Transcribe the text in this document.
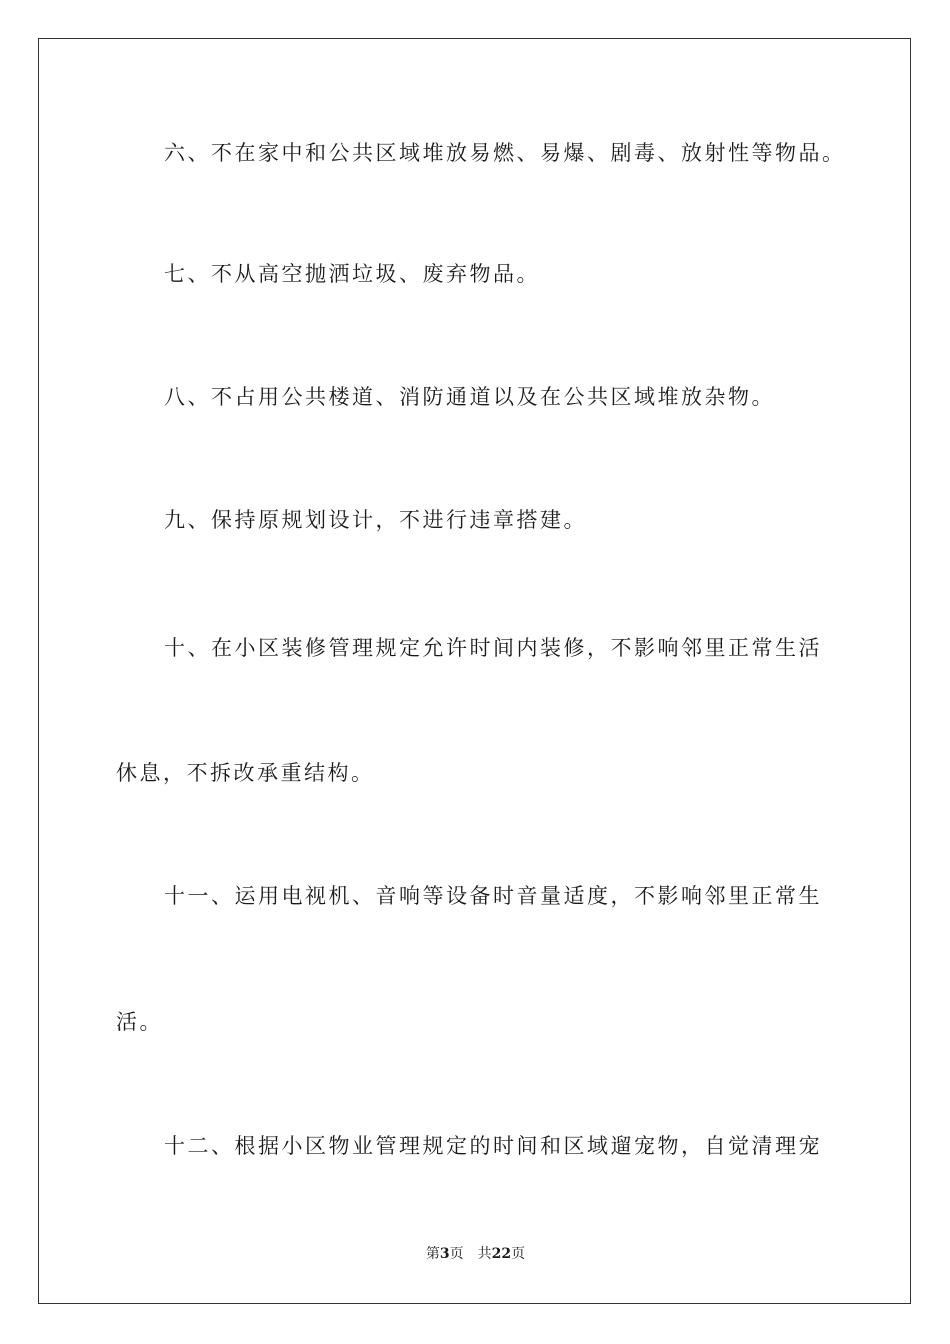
六、不在家中和公共区域堆放易燃、易爆、剧毒、放射性等物品。
七、不从高空抛洒垃圾、废弃物品。
八、不占用公共楼道、消防通道以及在公共区域堆放杂物。
九、保持原规划设计，不进行违章搭建。
十、在小区装修管理规定允许时间内装修，不影响邻里正常生活
休息，不拆改承重结构。
十一、运用电视机、音响等设备时音量适度，不影响邻里正常生
活。
十二、根据小区物业管理规定的时间和区域遛宠物，自觉清理宠
第3页 共22页
